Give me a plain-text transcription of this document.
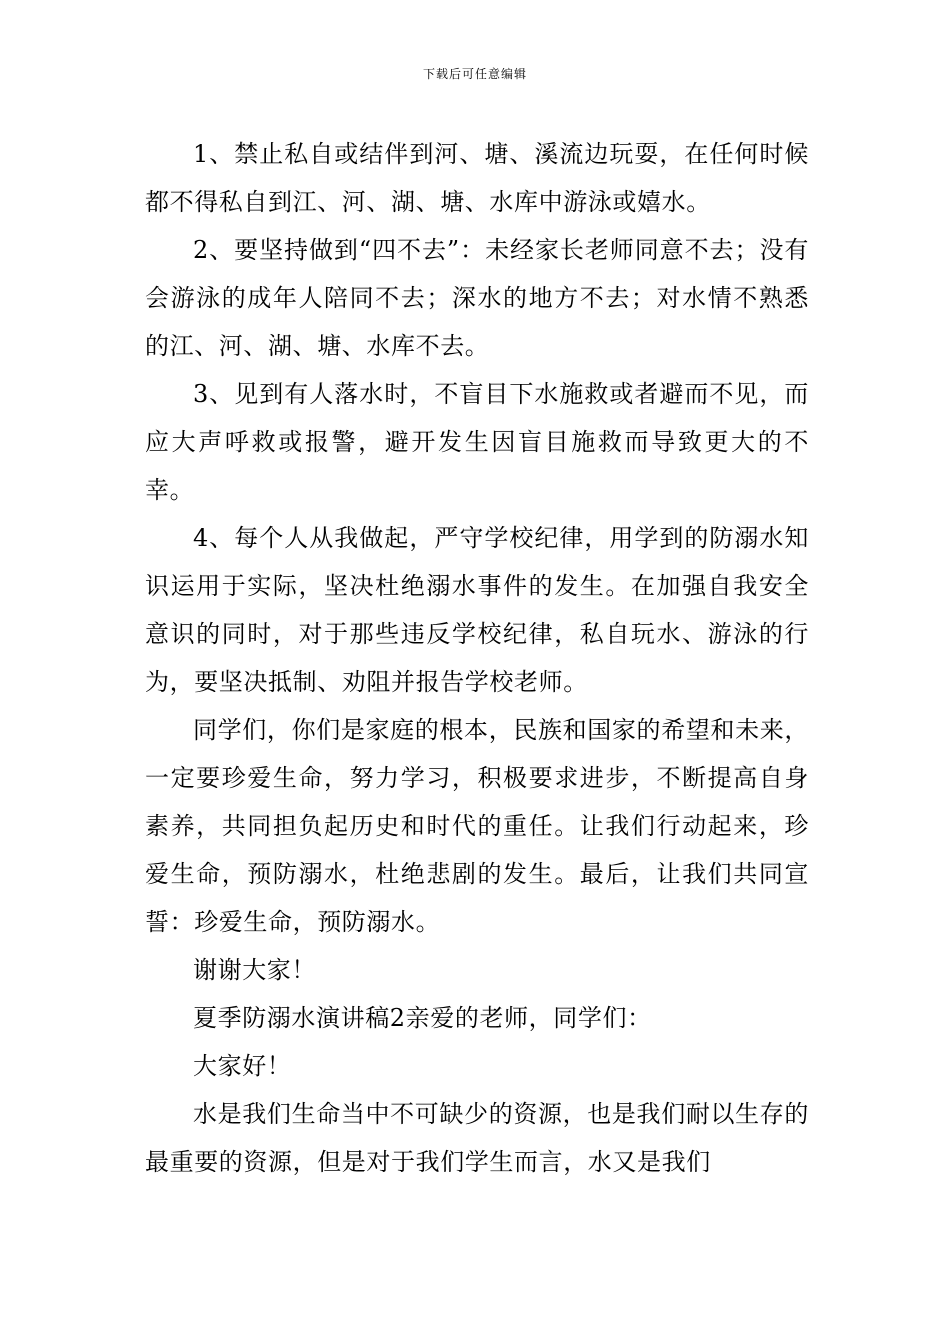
下载后可任意编辑

1、禁止私自或结伴到河、塘、溪流边玩耍，在任何时候都不得私自到江、河、湖、塘、水库中游泳或嬉水。

2、要坚持做到“四不去”：未经家长老师同意不去；没有会游泳的成年人陪同不去；深水的地方不去；对水情不熟悉的江、河、湖、塘、水库不去。

3、见到有人落水时，不盲目下水施救或者避而不见，而应大声呼救或报警，避开发生因盲目施救而导致更大的不幸。

4、每个人从我做起，严守学校纪律，用学到的防溺水知识运用于实际，坚决杜绝溺水事件的发生。在加强自我安全意识的同时，对于那些违反学校纪律，私自玩水、游泳的行为，要坚决抵制、劝阻并报告学校老师。

同学们，你们是家庭的根本，民族和国家的希望和未来，一定要珍爱生命，努力学习，积极要求进步，不断提高自身素养，共同担负起历史和时代的重任。让我们行动起来，珍爱生命，预防溺水，杜绝悲剧的发生。最后，让我们共同宣誓：珍爱生命，预防溺水。

谢谢大家！

夏季防溺水演讲稿2亲爱的老师，同学们：

大家好！

水是我们生命当中不可缺少的资源，也是我们耐以生存的最重要的资源，但是对于我们学生而言，水又是我们
